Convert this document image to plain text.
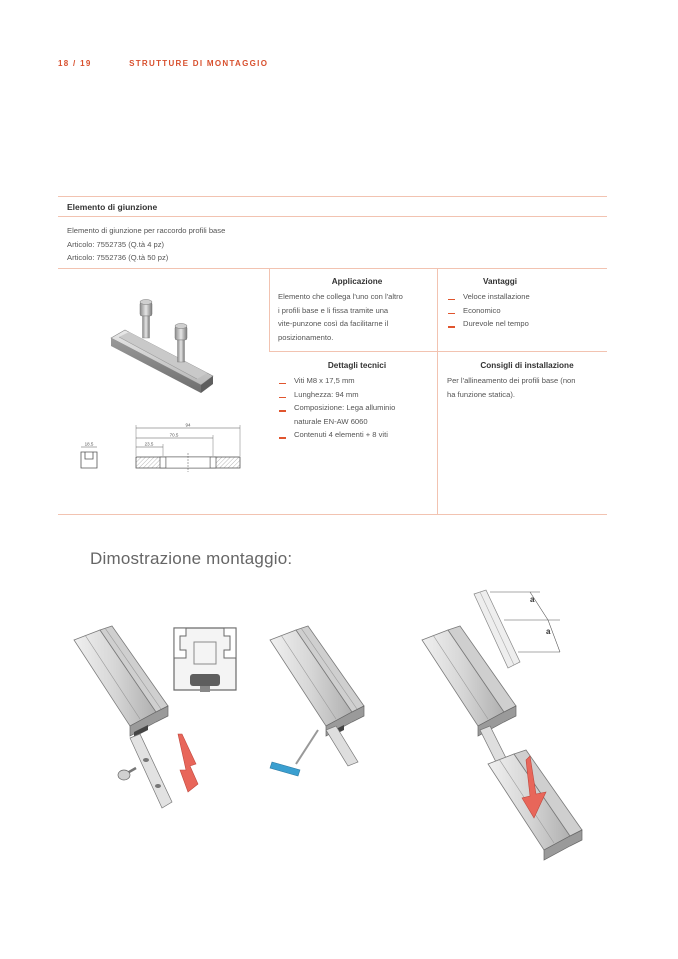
18 / 19	STRUTTURE DI MONTAGGIO
Elemento di giunzione
Elemento di giunzione per raccordo profili base
Articolo: 7552735 (Q.tà 4 pz)
Articolo: 7552736 (Q.tà 50 pz)
Applicazione
Elemento che collega l'uno con l'altro
i profili base e li fissa tramite una
vite-punzone così da facilitarne il
posizionamento.
Vantaggi
Veloce installazione
Economico
Durevole nel tempo
Dettagli tecnici
Viti M8 x 17,5 mm
Lunghezza: 94 mm
Composizione: Lega alluminio
naturale EN-AW 6060
Contenuti 4 elementi + 8 viti
Consigli di installazione
Per l'allineamento dei profili base (non
ha funzione statica).
94
70.5
23.5
18.5
Dimostrazione montaggio:
a
a
